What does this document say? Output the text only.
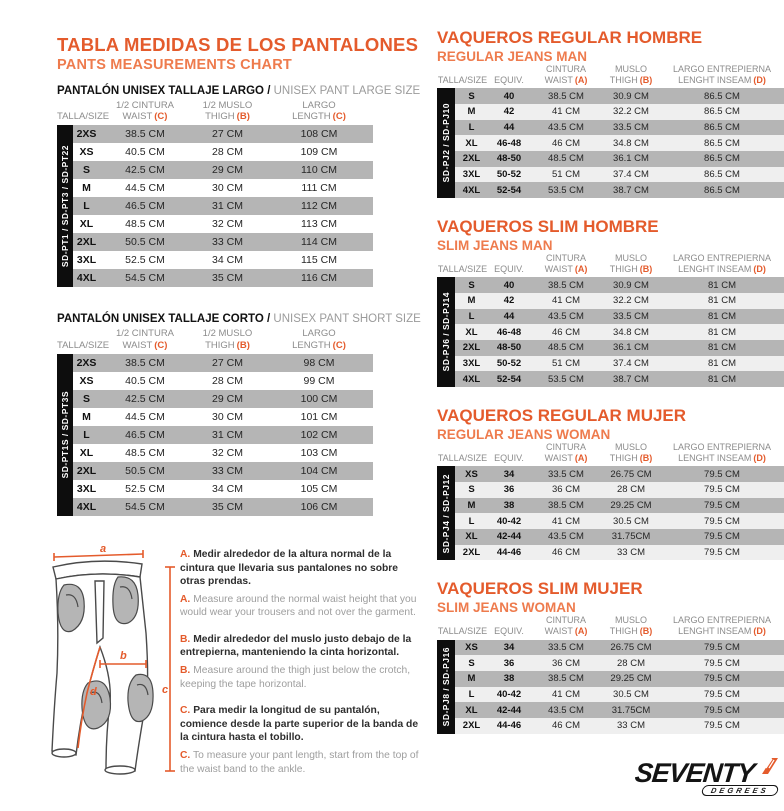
TABLA MEDIDAS DE LOS PANTALONES
PANTS MEASUREMENTS CHART
PANTALÓN UNISEX TALLAJE LARGO / UNISEX PANT LARGE SIZE
TALLA/SIZE
1/2 CINTURA
WAIST (C)
1/2 MUSLO
THIGH (B)
LARGO
LENGTH (C)
SD-PT1 / SD-PT3 / SD-PT22
2XS	38.5 CM	27 CM	108 CM
XS	40.5 CM	28 CM	109 CM
S	42.5 CM	29 CM	110 CM
M	44.5 CM	30 CM	111 CM
L	46.5 CM	31 CM	112 CM
XL	48.5 CM	32 CM	113 CM
2XL	50.5 CM	33 CM	114 CM
3XL	52.5 CM	34 CM	115 CM
4XL	54.5 CM	35 CM	116 CM
PANTALÓN UNISEX TALLAJE CORTO / UNISEX PANT SHORT SIZE
TALLA/SIZE
1/2 CINTURA
WAIST (C)
1/2 MUSLO
THIGH (B)
LARGO
LENGTH (C)
SD-PT1S / SD-PT3S
2XS	38.5 CM	27 CM	98 CM
XS	40.5 CM	28 CM	99 CM
S	42.5 CM	29 CM	100 CM
M	44.5 CM	30 CM	101 CM
L	46.5 CM	31 CM	102 CM
XL	48.5 CM	32 CM	103 CM
2XL	50.5 CM	33 CM	104 CM
3XL	52.5 CM	34 CM	105 CM
4XL	54.5 CM	35 CM	106 CM
a
c
b
d

A. Medir alrededor de la altura normal de la cintura que llevaria sus pantalones no sobre otras prendas.

A. Measure around the normal waist height that you would wear your trousers and not over the garment.

B. Medir alrededor del muslo justo debajo de la entrepierna, manteniendo la cinta horizontal.

B. Measure around the thigh just below the crotch, keeping the tape horizontal.

C. Para medir la longitud de su pantalón, comience desde la parte superior de la banda de la cintura hasta el tobillo.

C. To measure your pant length, start from the top of the waist band to the ankle.

VAQUEROS REGULAR HOMBRE
REGULAR JEANS MAN
TALLA/SIZE EQUIV.
CINTURA
WAIST (A)
MUSLO
THIGH (B)
LARGO ENTREPIERNA
LENGHT INSEAM (D)
SD-PJ2 / SD-PJ10
S	40	38.5 CM	30.9 CM	86.5 CM
M	42	41 CM	32.2 CM	86.5 CM
L	44	43.5 CM	33.5 CM	86.5 CM
XL	46-48	46 CM	34.8 CM	86.5 CM
2XL	48-50	48.5 CM	36.1 CM	86.5 CM
3XL	50-52	51 CM	37.4 CM	86.5 CM
4XL	52-54	53.5 CM	38.7 CM	86.5 CM
VAQUEROS SLIM HOMBRE
SLIM JEANS MAN
TALLA/SIZE EQUIV.
CINTURA
WAIST (A)
MUSLO
THIGH (B)
LARGO ENTREPIERNA
LENGHT INSEAM (D)
SD-PJ6 / SD-PJ14
S	40	38.5 CM	30.9 CM	81 CM
M	42	41 CM	32.2 CM	81 CM
L	44	43.5 CM	33.5 CM	81 CM
XL	46-48	46 CM	34.8 CM	81 CM
2XL	48-50	48.5 CM	36.1 CM	81 CM
3XL	50-52	51 CM	37.4 CM	81 CM
4XL	52-54	53.5 CM	38.7 CM	81 CM
VAQUEROS REGULAR MUJER
REGULAR JEANS WOMAN
TALLA/SIZE EQUIV.
CINTURA
WAIST (A)
MUSLO
THIGH (B)
LARGO ENTREPIERNA
LENGHT INSEAM (D)
SD-PJ4 / SD-PJ12	XS	34	33.5 CM	26.75 CM	79.5 CM
S	36	36 CM	28 CM	79.5 CM
M	38	38.5 CM	29.25 CM	79.5 CM
L	40-42	41 CM	30.5 CM	79.5 CM
XL	42-44	43.5 CM	31.75CM	79.5 CM
2XL	44-46	46 CM	33 CM	79.5 CM
VAQUEROS SLIM MUJER
SLIM JEANS WOMAN
TALLA/SIZE EQUIV.
CINTURA
WAIST (A)
MUSLO
THIGH (B)
LARGO ENTREPIERNA
LENGHT INSEAM (D)
SD-PJ8 / SD-PJ16	XS	34	33.5 CM	26.75 CM	79.5 CM
S	36	36 CM	28 CM	79.5 CM
M	38	38.5 CM	29.25 CM	79.5 CM
L	40-42	41 CM	30.5 CM	79.5 CM
XL	42-44	43.5 CM	31.75CM	79.5 CM
2XL	44-46	46 CM	33 CM	79.5 CM
SEVENTY
DEGREES
